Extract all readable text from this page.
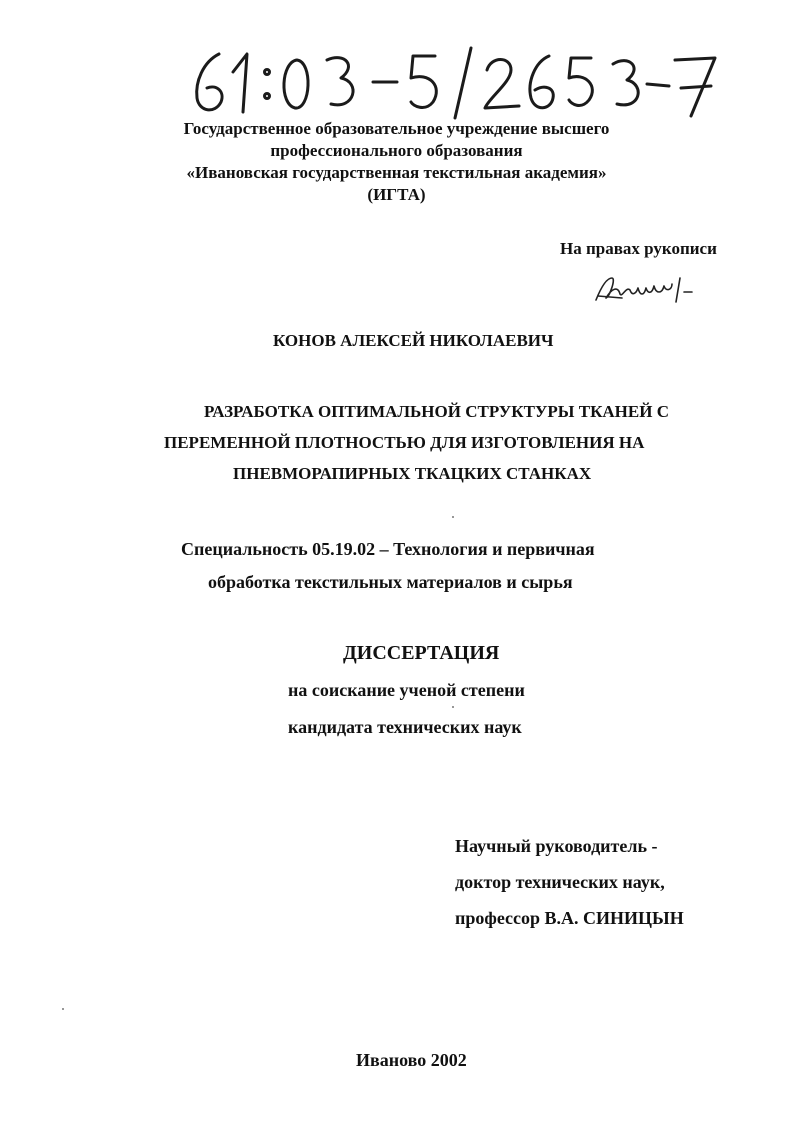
Государственное образовательное учреждение высшего
профессионального образования
«Ивановская государственная текстильная академия»
(ИГТА)
На правах рукописи
КОНОВ АЛЕКСЕЙ НИКОЛАЕВИЧ
РАЗРАБОТКА ОПТИМАЛЬНОЙ СТРУКТУРЫ ТКАНЕЙ С
ПЕРЕМЕННОЙ ПЛОТНОСТЬЮ ДЛЯ ИЗГОТОВЛЕНИЯ НА
ПНЕВМОРАПИРНЫХ ТКАЦКИХ СТАНКАХ
Специальность 05.19.02 – Технология и первичная
обработка текстильных материалов и сырья
ДИССЕРТАЦИЯ
на соискание ученой степени
кандидата технических наук
Научный руководитель -
доктор технических наук,
профессор В.А. СИНИЦЫН
Иваново 2002
